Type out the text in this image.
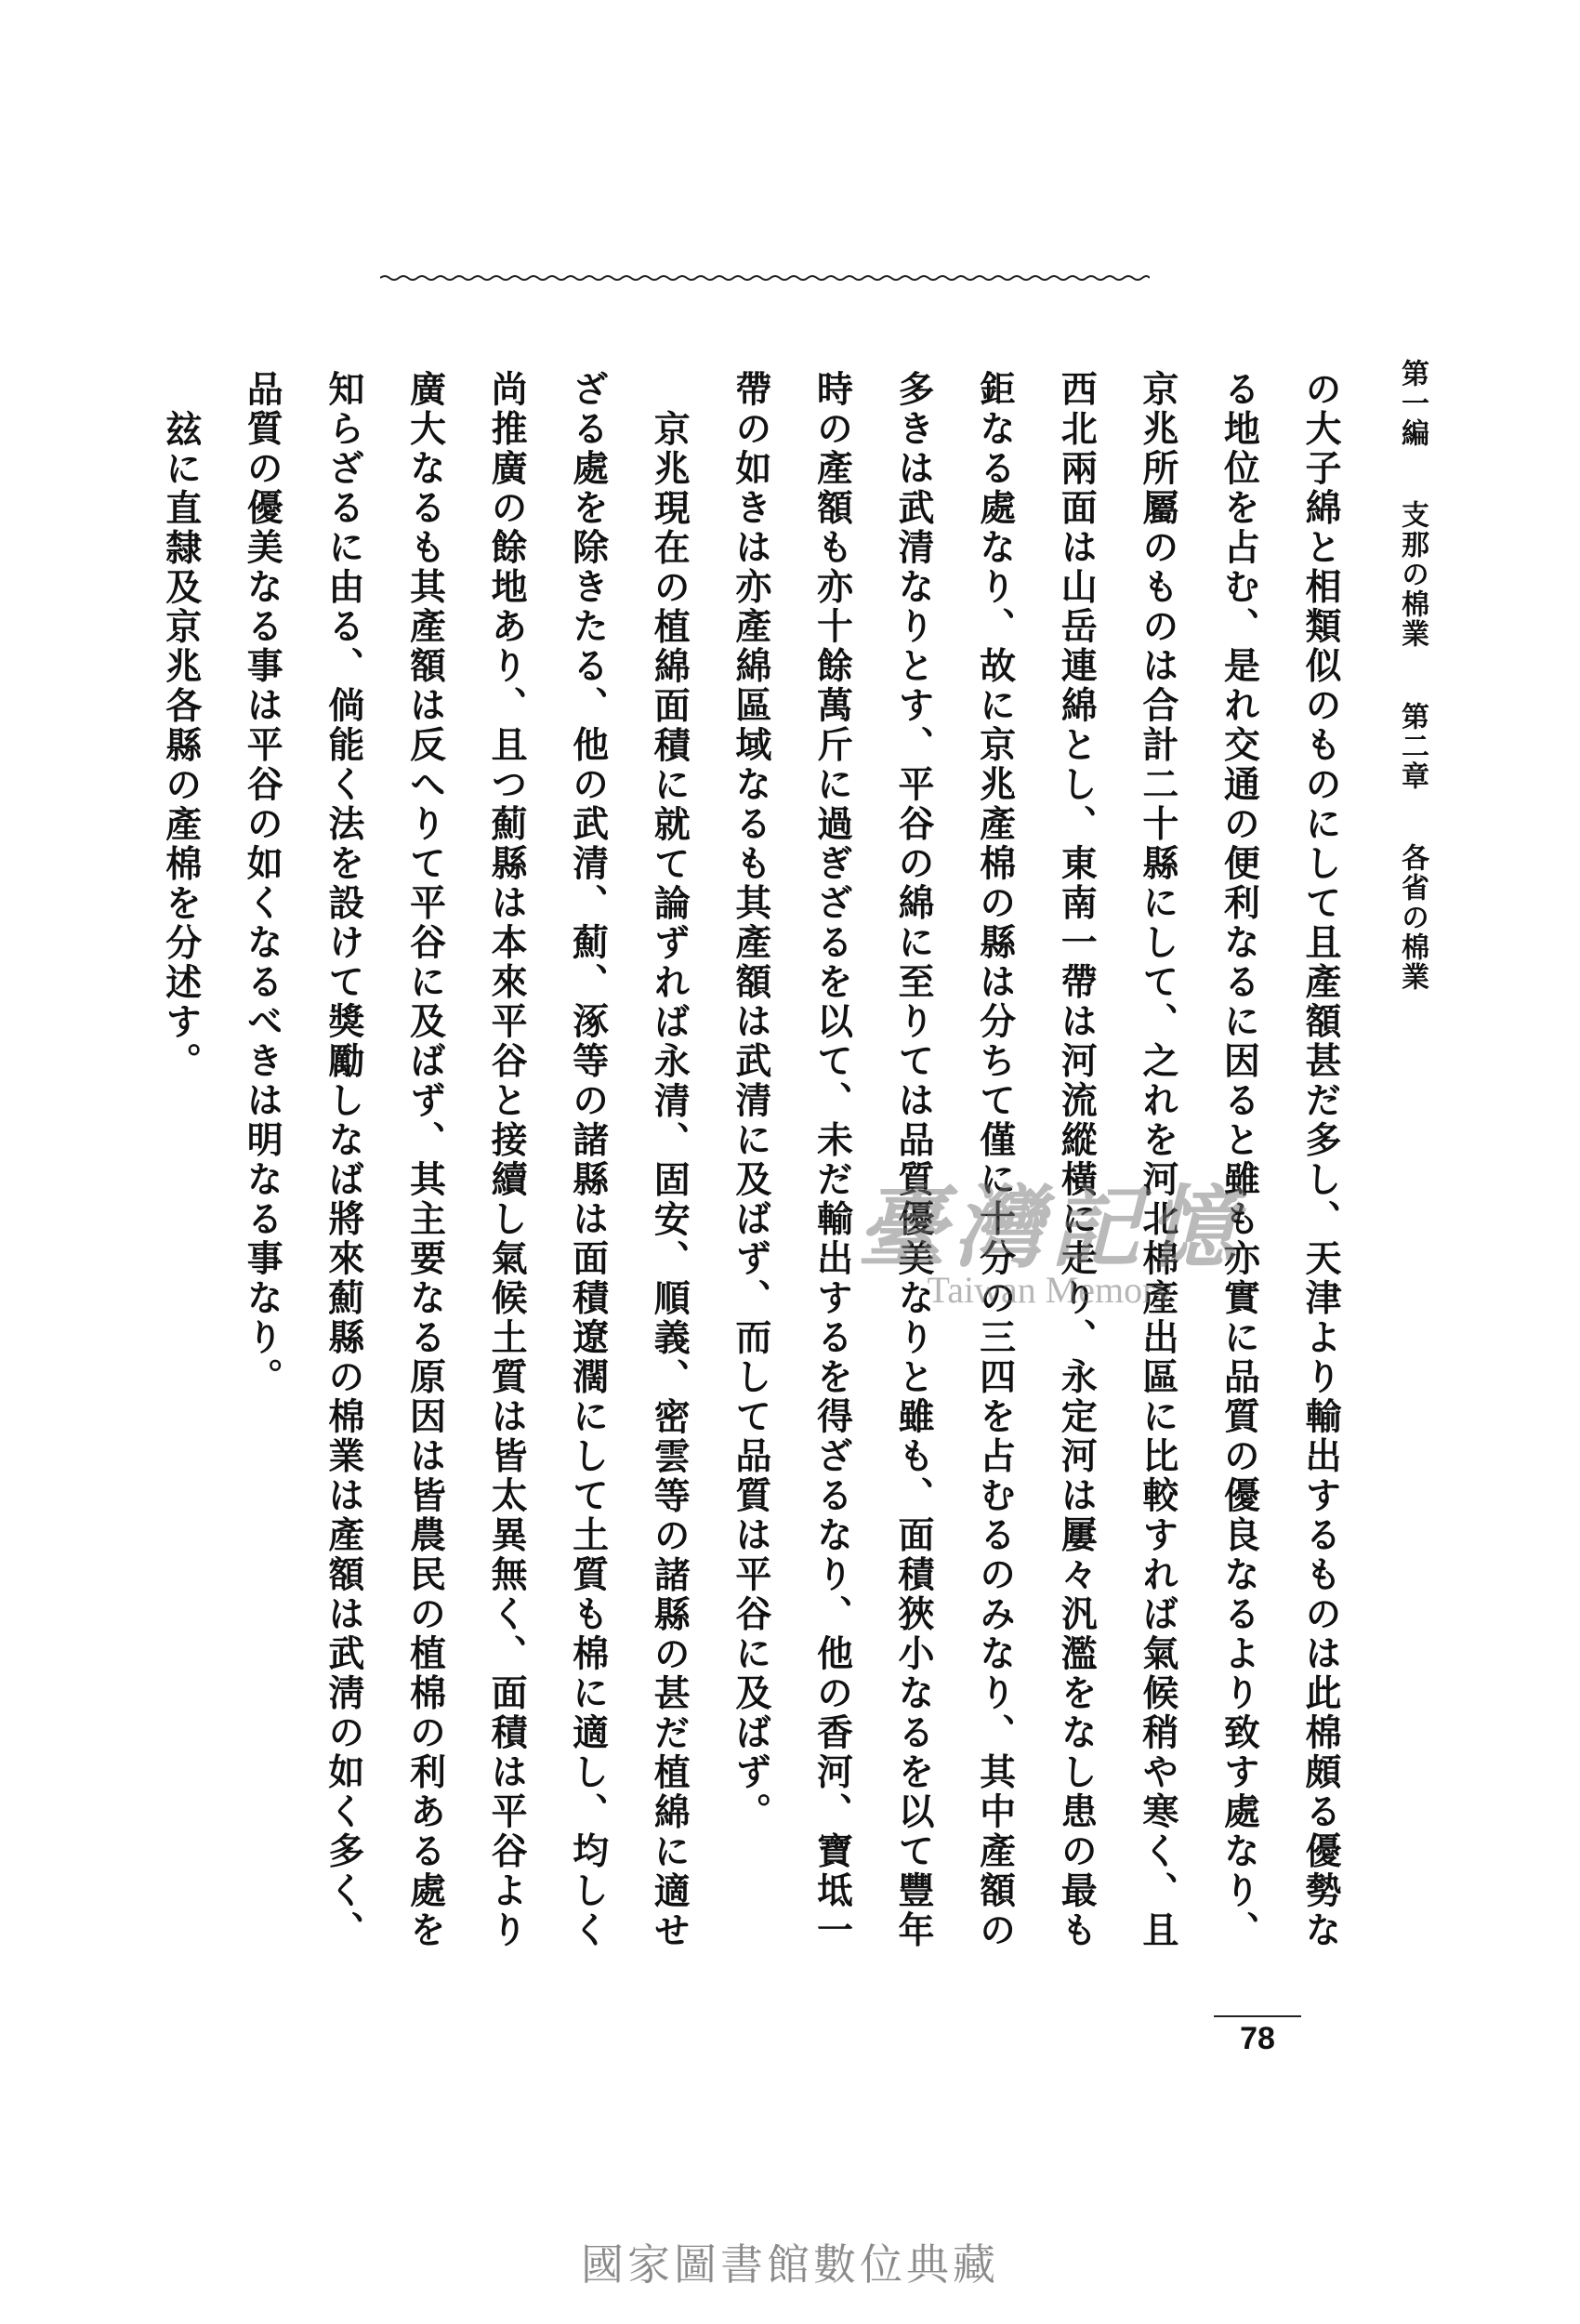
第一編 支那の棉業 第二章 各省の棉業
の大子綿と相類似のものにして且產額甚だ多し、天津より輸出するものは此棉頗る優勢な
る地位を占む、是れ交通の便利なるに因ると雖も亦實に品質の優良なるより致す處なり、
京兆所屬のものは合計二十縣にして、之れを河北棉產出區に比較すれば氣候稍や寒く、且
西北兩面は山岳連綿とし、東南一帶は河流縱橫に走り、永定河は屢々汎濫をなし患の最も
鉅なる處なり、故に京兆產棉の縣は分ちて僅に十分の三四を占むるのみなり、其中產額の
多きは武清なりとす、平谷の綿に至りては品質優美なりと雖も、面積狹小なるを以て豐年
時の產額も亦十餘萬斤に過ぎざるを以て、未だ輸出するを得ざるなり、他の香河、寶坻一
帶の如きは亦產綿區域なるも其產額は武清に及ばず、而して品質は平谷に及ばず。
京兆現在の植綿面積に就て論ずれば永清、固安、順義、密雲等の諸縣の甚だ植綿に適せ
ざる處を除きたる、他の武清、薊、涿等の諸縣は面積遼濶にして土質も棉に適し、均しく
尚推廣の餘地あり、且つ薊縣は本來平谷と接續し氣候土質は皆太異無く、面積は平谷より
廣大なるも其產額は反へりて平谷に及ばず、其主要なる原因は皆農民の植棉の利ある處を
知らざるに由る、倘能く法を設けて獎勵しなば將來薊縣の棉業は產額は武淸の如く多く、
品質の優美なる事は平谷の如くなるべきは明なる事なり。
玆に直隸及京兆各縣の產棉を分述す。
臺灣記憶
Taiwan Memory
78
國家圖書館數位典藏
